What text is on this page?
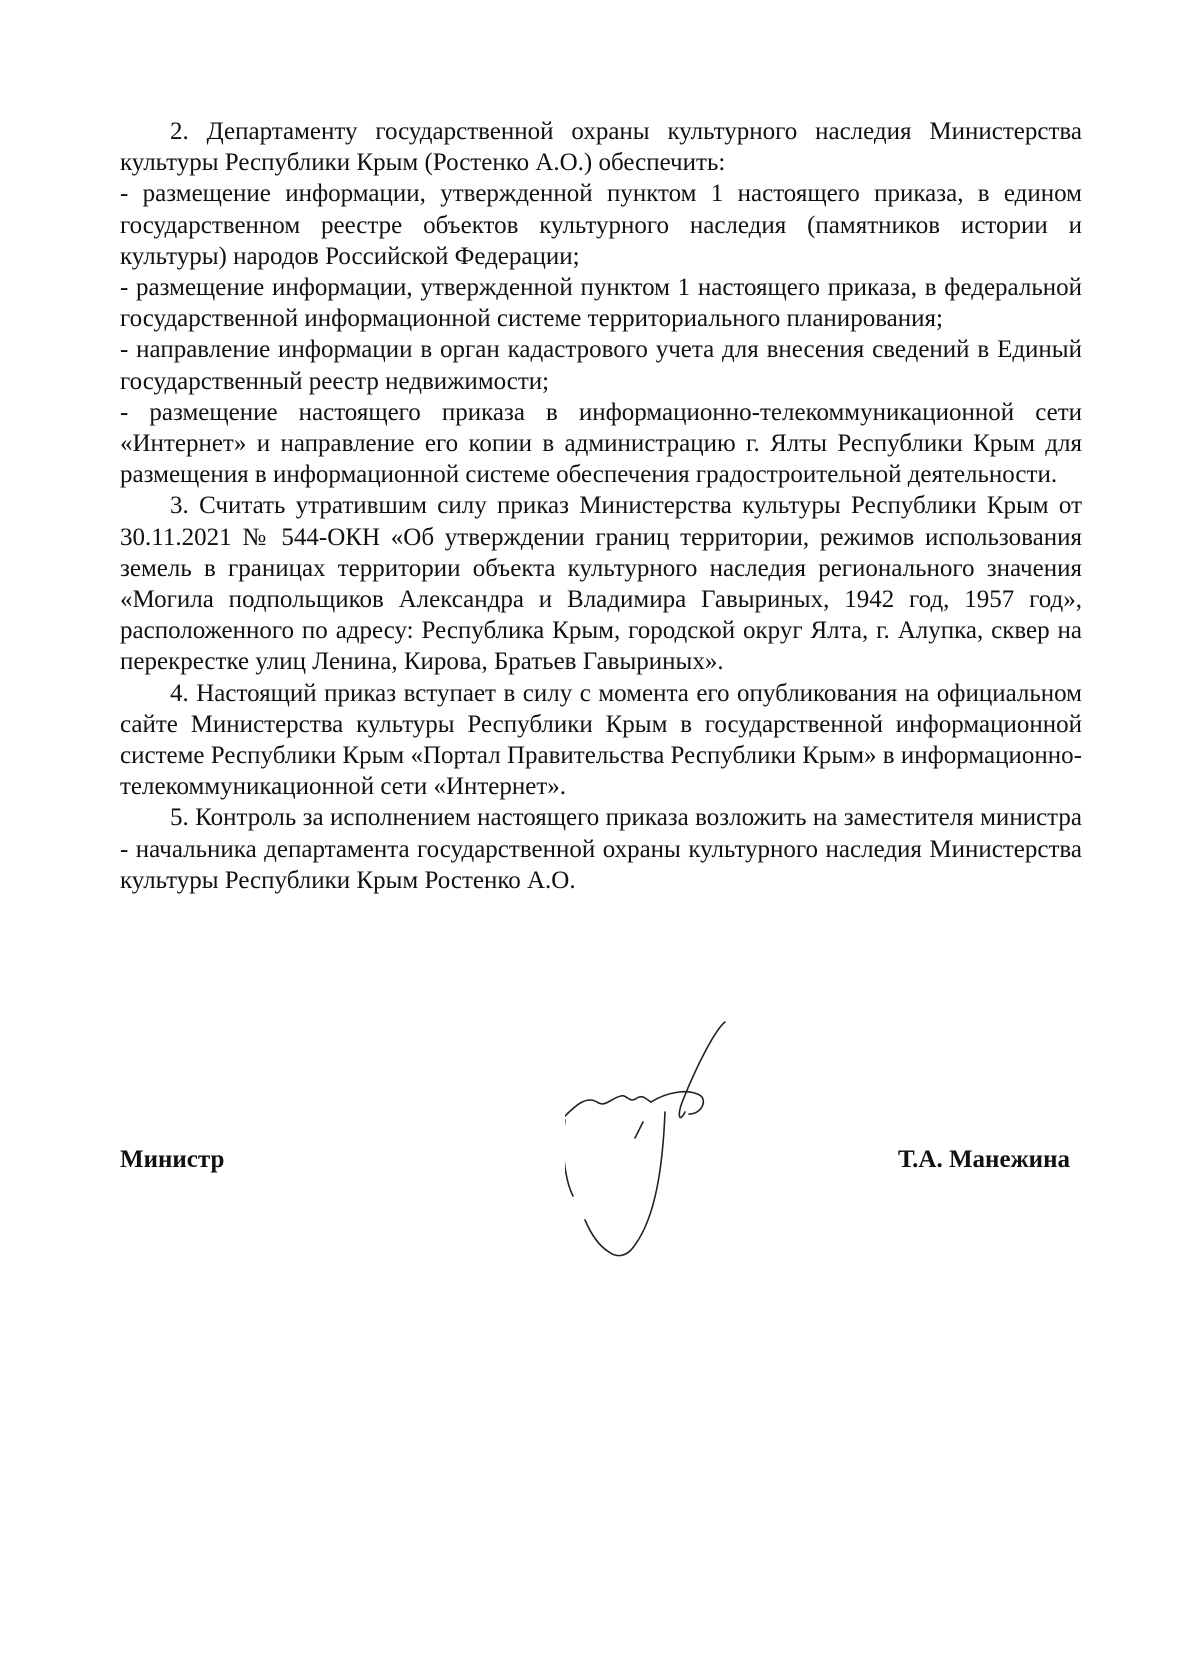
2. Департаменту государственной охраны культурного наследия Министерства культуры Республики Крым (Ростенко А.О.) обеспечить:

- размещение информации, утвержденной пунктом 1 настоящего приказа, в едином государственном реестре объектов культурного наследия (памятников истории и культуры) народов Российской Федерации;

- размещение информации, утвержденной пунктом 1 настоящего приказа, в федеральной государственной информационной системе территориального планирования;

- направление информации в орган кадастрового учета для внесения сведений в Единый государственный реестр недвижимости;

- размещение настоящего приказа в информационно-телекоммуникационной сети «Интернет» и направление его копии в администрацию г. Ялты Республики Крым для размещения в информационной системе обеспечения градостроительной деятельности.

3. Считать утратившим силу приказ Министерства культуры Республики Крым от 30.11.2021 № 544-ОКН «Об утверждении границ территории, режимов использования земель в границах территории объекта культурного наследия регионального значения «Могила подпольщиков Александра и Владимира Гавыриных, 1942 год, 1957 год», расположенного по адресу: Республика Крым, городской округ Ялта, г. Алупка, сквер на перекрестке улиц Ленина, Кирова, Братьев Гавыриных».

4. Настоящий приказ вступает в силу с момента его опубликования на официальном сайте Министерства культуры Республики Крым в государственной информационной системе Республики Крым «Портал Правительства Республики Крым» в информационно-телекоммуникационной сети «Интернет».

5. Контроль за исполнением настоящего приказа возложить на заместителя министра - начальника департамента государственной охраны культурного наследия Министерства культуры Республики Крым Ростенко А.О.

Министр	Т.А. Манежина
